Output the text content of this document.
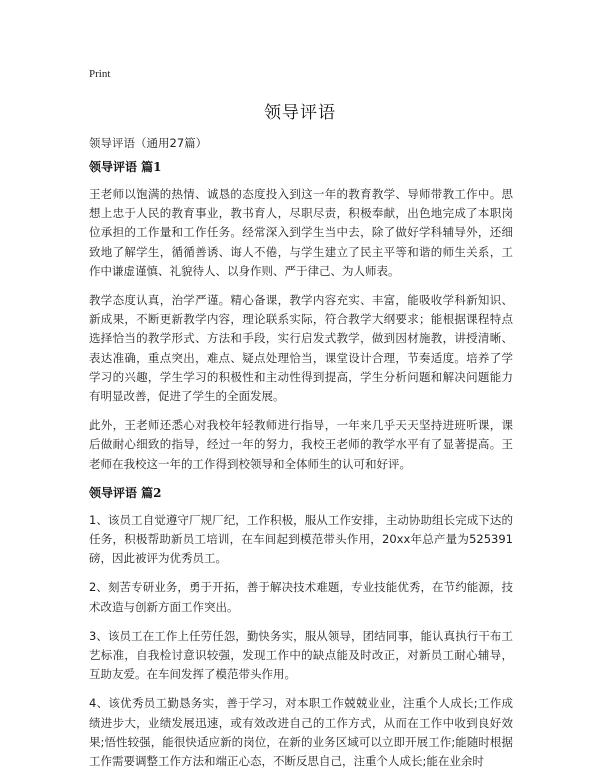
Print
领导评语
领导评语（通用27篇）
领导评语 篇1

王老师以饱满的热情、诚恳的态度投入到这一年的教育教学、导师带教工作中。思想上忠于人民的教育事业，教书育人，尽职尽责，积极奉献，出色地完成了本职岗位承担的工作量和工作任务。经常深入到学生当中去，除了做好学科辅导外，还细致地了解学生，循循善诱、诲人不倦，与学生建立了民主平等和谐的师生关系，工作中谦虚谨慎、礼貌待人、以身作则、严于律己、为人师表。

教学态度认真，治学严谨。精心备课，教学内容充实、丰富，能吸收学科新知识、新成果，不断更新教学内容，理论联系实际，符合教学大纲要求；能根据课程特点选择恰当的教学形式、方法和手段，实行启发式教学，做到因材施教，讲授清晰、表达准确，重点突出，难点、疑点处理恰当，课堂设计合理，节奏适度。培养了学学习的兴趣，学生学习的积极性和主动性得到提高，学生分析问题和解决问题能力有明显改善，促进了学生的全面发展。

此外，王老师还悉心对我校年轻教师进行指导，一年来几乎天天坚持进班听课，课后做耐心细致的指导，经过一年的努力，我校王老师的教学水平有了显著提高。王老师在我校这一年的工作得到校领导和全体师生的认可和好评。

领导评语 篇2

1、该员工自觉遵守厂规厂纪，工作积极，服从工作安排，主动协助组长完成下达的任务，积极帮助新员工培训，在车间起到模范带头作用，20xx年总产量为525391磅，因此被评为优秀员工。

2、刻苦专研业务，勇于开拓，善于解决技术难题，专业技能优秀，在节约能源，技术改造与创新方面工作突出。

3、该员工在工作上任劳任怨，勤快务实，服从领导，团结同事，能认真执行干布工艺标准，自我检讨意识较强，发现工作中的缺点能及时改正，对新员工耐心辅导，互助友爱。在车间发挥了模范带头作用。

4、该优秀员工勤恳务实，善于学习，对本职工作兢兢业业，注重个人成长;工作成绩进步大，业绩发展迅速，或有效改进自己的工作方式，从而在工作中收到良好效果;悟性较强，能很快适应新的岗位，在新的业务区域可以立即开展工作;能随时根据工作需要调整工作方法和端正心态，不断反思自己，注重个人成长;能在业余时
